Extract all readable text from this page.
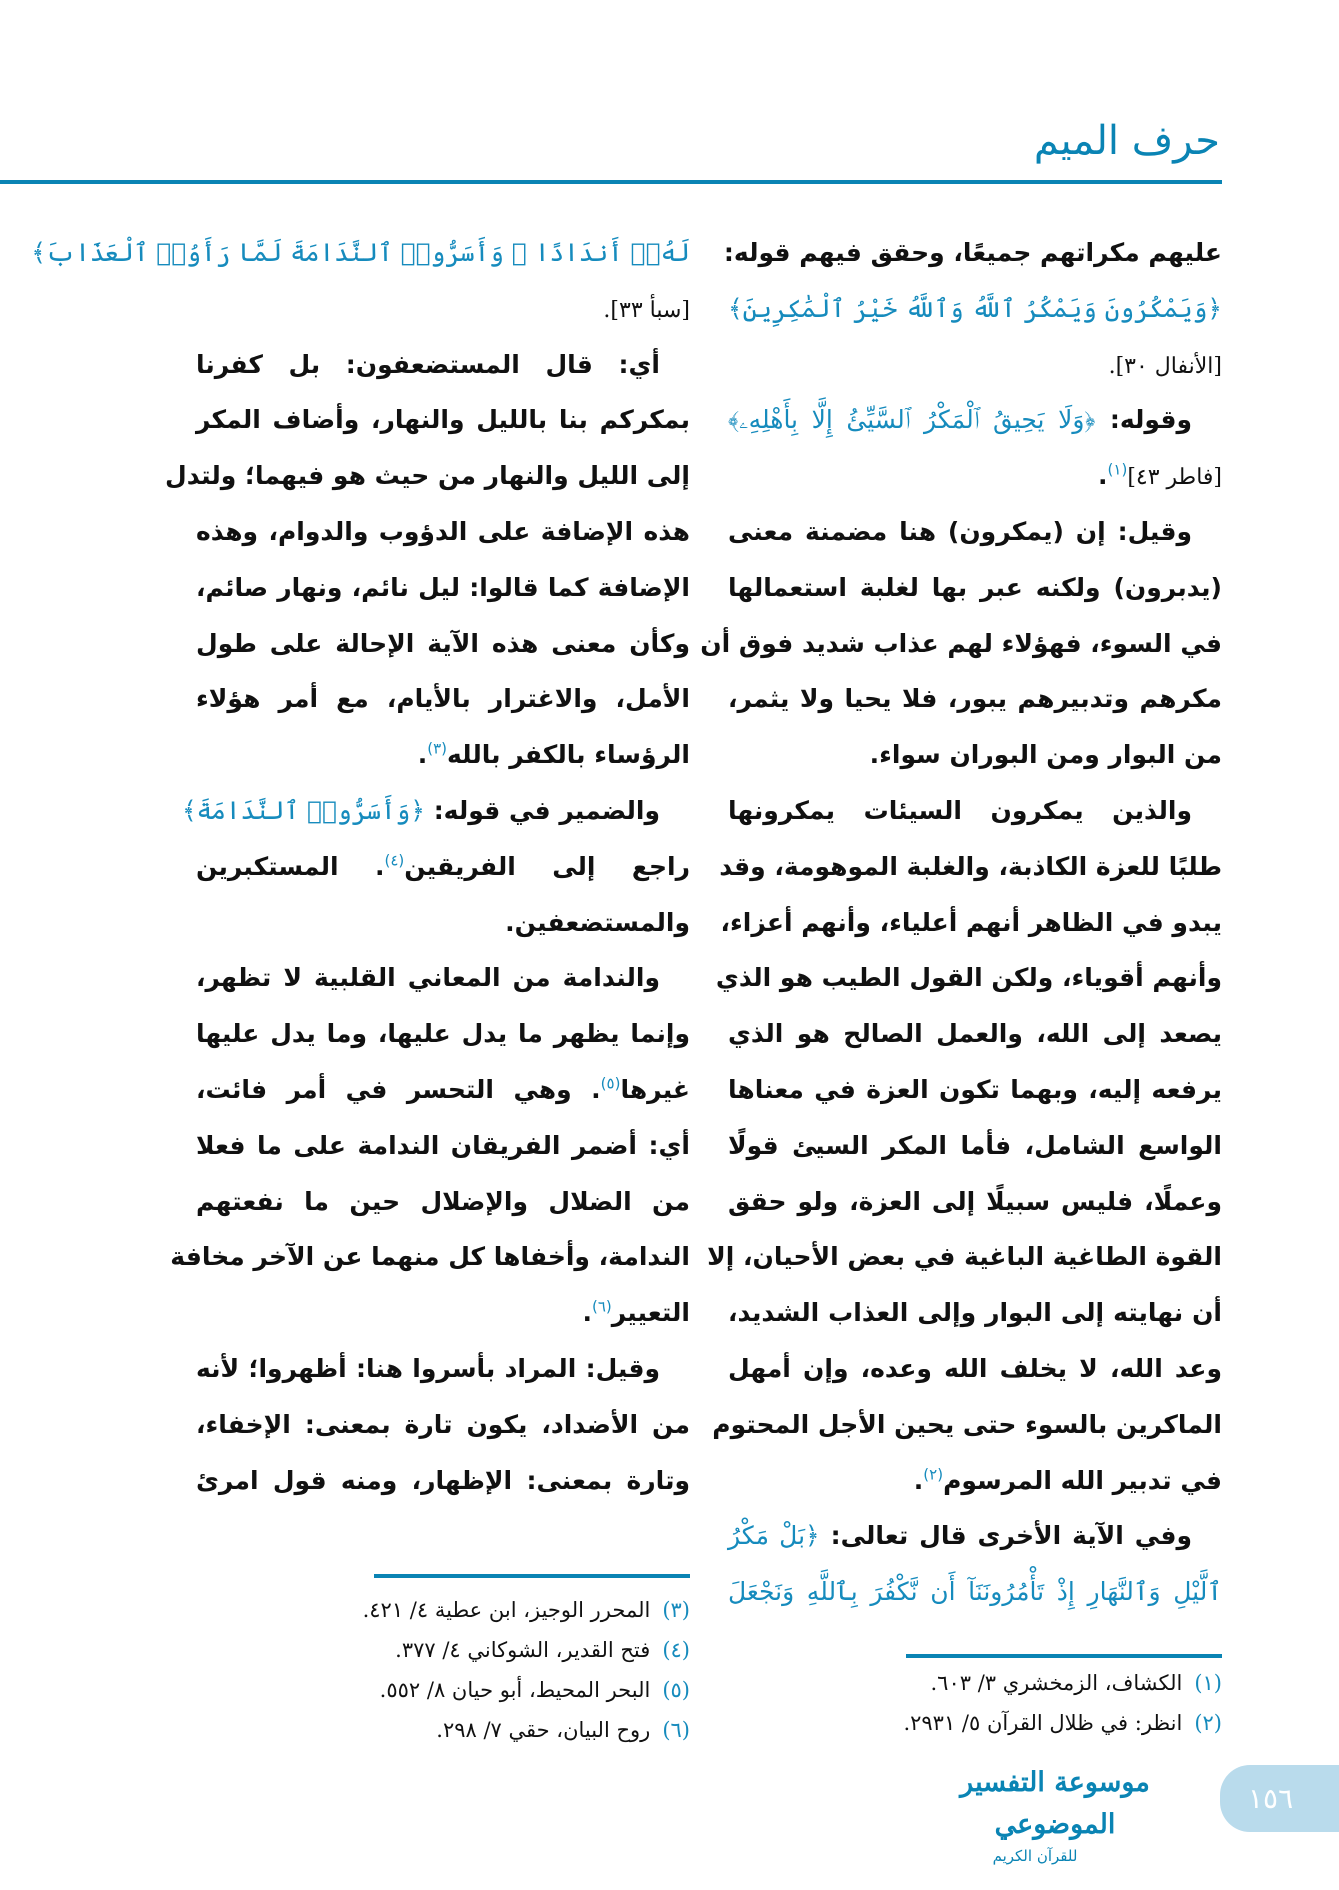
حرف الميم
عليهم مكراتهم جميعًا، وحقق فيهم قوله:
﴿وَيَمْكُرُونَ وَيَمْكُرُ ٱللَّهُ وَٱللَّهُ خَيْرُ ٱلْمَٰكِرِينَ﴾
[الأنفال ٣٠].
وقوله: ﴿وَلَا يَحِيقُ ٱلْمَكْرُ ٱلسَّيِّئُ إِلَّا بِأَهْلِهِۦ﴾
[فاطر ٤٣]$^{(١)}$.
وقيل: إن (يمكرون) هنا مضمنة معنى
(يدبرون) ولكنه عبر بها لغلبة استعمالها
في السوء، فهؤلاء لهم عذاب شديد فوق أن
مكرهم وتدبيرهم يبور، فلا يحيا ولا يثمر،
من البوار ومن البوران سواء.
والذين يمكرون السيئات يمكرونها
طلبًا للعزة الكاذبة، والغلبة الموهومة، وقد
يبدو في الظاهر أنهم أعلياء، وأنهم أعزاء،
وأنهم أقوياء، ولكن القول الطيب هو الذي
يصعد إلى الله، والعمل الصالح هو الذي
يرفعه إليه، وبهما تكون العزة في معناها
الواسع الشامل، فأما المكر السيئ قولًا
وعملًا، فليس سبيلًا إلى العزة، ولو حقق
القوة الطاغية الباغية في بعض الأحيان، إلا
أن نهايته إلى البوار وإلى العذاب الشديد،
وعد الله، لا يخلف الله وعده، وإن أمهل
الماكرين بالسوء حتى يحين الأجل المحتوم
في تدبير الله المرسوم$^{(٢)}$.
وفي الآية الأخرى قال تعالى: ﴿بَلْ مَكْرُ
ٱلَّيْلِ وَٱلنَّهَارِ إِذْ تَأْمُرُونَنَآ أَن نَّكْفُرَ بِٱللَّهِ وَنَجْعَلَ
لَهُۥٓ أَندَادًا ۚ وَأَسَرُّوا۟ ٱلنَّدَامَةَ لَمَّا رَأَوُا۟ ٱلْعَذَابَ﴾
[سبأ ٣٣].
أي: قال المستضعفون: بل كفرنا
بمكركم بنا بالليل والنهار، وأضاف المكر
إلى الليل والنهار من حيث هو فيهما؛ ولتدل
هذه الإضافة على الدؤوب والدوام، وهذه
الإضافة كما قالوا: ليل نائم، ونهار صائم،
وكأن معنى هذه الآية الإحالة على طول
الأمل، والاغترار بالأيام، مع أمر هؤلاء
الرؤساء بالكفر بالله$^{(٣)}$.
والضمير في قوله: ﴿وَأَسَرُّوا۟ ٱلنَّدَامَةَ﴾
راجع إلى الفريقين$^{(٤)}$. المستكبرين
والمستضعفين.
والندامة من المعاني القلبية لا تظهر،
وإنما يظهر ما يدل عليها، وما يدل عليها
غيرها$^{(٥)}$. وهي التحسر في أمر فائت،
أي: أضمر الفريقان الندامة على ما فعلا
من الضلال والإضلال حين ما نفعتهم
الندامة، وأخفاها كل منهما عن الآخر مخافة
التعيير$^{(٦)}$.
وقيل: المراد بأسروا هنا: أظهروا؛ لأنه
من الأضداد، يكون تارة بمعنى: الإخفاء،
وتارة بمعنى: الإظهار، ومنه قول امرئ
(١)الكشاف، الزمخشري ٣/ ٦٠٣.
(٢)انظر: في ظلال القرآن ٥/ ٢٩٣١.
(٣)المحرر الوجيز، ابن عطية ٤/ ٤٢١.
(٤)فتح القدير، الشوكاني ٤/ ٣٧٧.
(٥)البحر المحيط، أبو حيان ٨/ ٥٥٢.
(٦)روح البيان، حقي ٧/ ٢٩٨.
موسوعة التفسير الموضوعي
للقرآن الكريم
١٥٦
